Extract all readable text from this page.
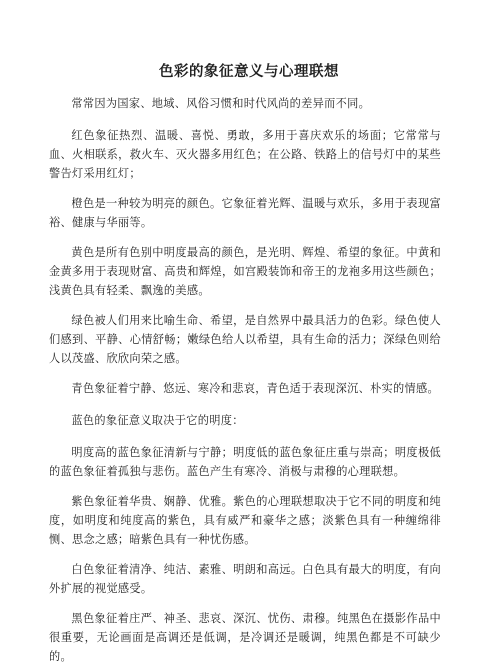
色彩的象征意义与心理联想

常常因为国家、地域、风俗习惯和时代风尚的差异而不同。

红色象征热烈、温暖、喜悦、勇敢，多用于喜庆欢乐的场面；它常常与血、火相联系，救火车、灭火器多用红色；在公路、铁路上的信号灯中的某些警告灯采用红灯；

橙色是一种较为明亮的颜色。它象征着光辉、温暖与欢乐，多用于表现富裕、健康与华丽等。

黄色是所有色别中明度最高的颜色，是光明、辉煌、希望的象征。中黄和金黄多用于表现财富、高贵和辉煌，如宫殿装饰和帝王的龙袍多用这些颜色；浅黄色具有轻柔、飘逸的美感。

绿色被人们用来比喻生命、希望，是自然界中最具活力的色彩。绿色使人们感到、平静、心情舒畅；嫩绿色给人以希望，具有生命的活力；深绿色则给人以茂盛、欣欣向荣之感。

青色象征着宁静、悠远、寒冷和悲哀，青色适于表现深沉、朴实的情感。

蓝色的象征意义取决于它的明度：

明度高的蓝色象征清新与宁静；明度低的蓝色象征庄重与崇高；明度极低的蓝色象征着孤独与悲伤。蓝色产生有寒冷、消极与肃穆的心理联想。

紫色象征着华贵、娴静、优雅。紫色的心理联想取决于它不同的明度和纯度，如明度和纯度高的紫色，具有威严和豪华之感；淡紫色具有一种缠绵徘恻、思念之感；暗紫色具有一种忧伤感。

白色象征着清净、纯洁、素雅、明朗和高远。白色具有最大的明度，有向外扩展的视觉感受。

黑色象征着庄严、神圣、悲哀、深沉、忧伤、肃穆。纯黑色在摄影作品中很重要，无论画面是高调还是低调，是冷调还是暖调，纯黑色都是不可缺少的。
